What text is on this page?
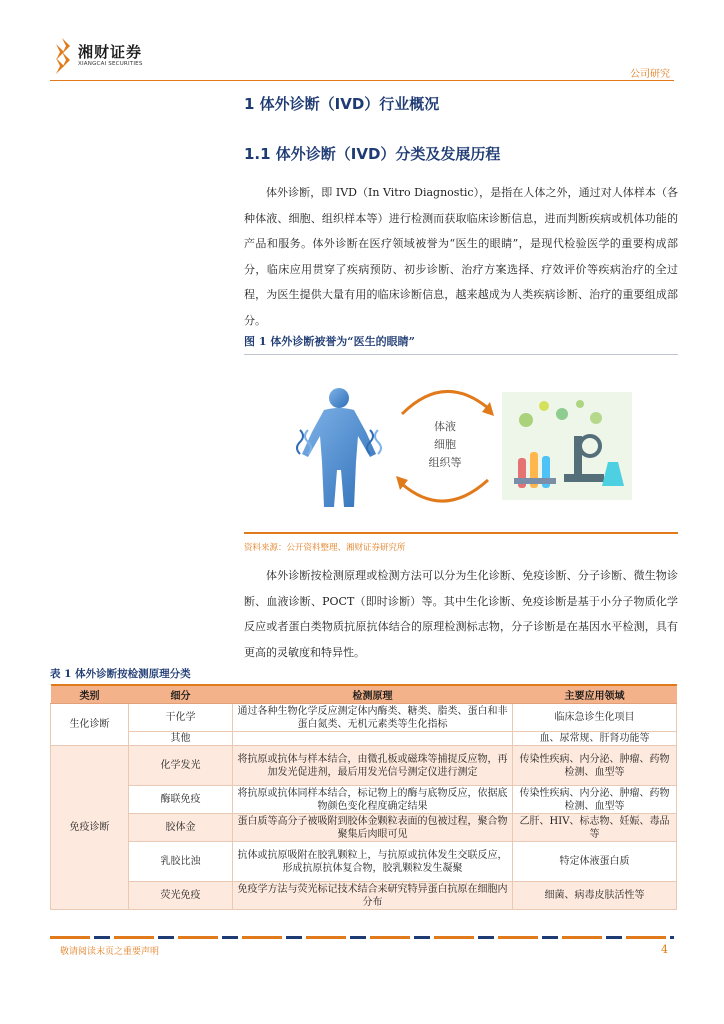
湘财证券
XIANGCAI SECURITIES
公司研究
1 体外诊断（IVD）行业概况
1.1 体外诊断（IVD）分类及发展历程
体外诊断，即 IVD（In Vitro Diagnostic），是指在人体之外，通过对人体样本（各种体液、细胞、组织样本等）进行检测而获取临床诊断信息，进而判断疾病或机体功能的产品和服务。体外诊断在医疗领域被誉为“医生的眼睛”，是现代检验医学的重要构成部分，临床应用贯穿了疾病预防、初步诊断、治疗方案选择、疗效评价等疾病治疗的全过程，为医生提供大量有用的临床诊断信息，越来越成为人类疾病诊断、治疗的重要组成部分。
图 1 体外诊断被誉为“医生的眼睛”
体液
细胞
组织等
资料来源：公开资料整理、湘财证券研究所
体外诊断按检测原理或检测方法可以分为生化诊断、免疫诊断、分子诊断、微生物诊断、血液诊断、POCT（即时诊断）等。其中生化诊断、免疫诊断是基于小分子物质化学反应或者蛋白类物质抗原抗体结合的原理检测标志物，分子诊断是在基因水平检测，具有更高的灵敏度和特异性。
表 1 体外诊断按检测原理分类
类别	细分	检测原理	主要应用领域
生化诊断	干化学	通过各种生物化学反应测定体内酶类、糖类、脂类、蛋白和非蛋白氮类、无机元素类等生化指标	临床急诊生化项目
	其他		血、尿常规、肝肾功能等
免疫诊断	化学发光	将抗原或抗体与样本结合，由微孔板或磁珠等捕捉反应物，再加发光促进剂，最后用发光信号测定仪进行测定	传染性疾病、内分泌、肿瘤、药物检测、血型等
	酶联免疫	将抗原或抗体同样本结合，标记物上的酶与底物反应，依据底物颜色变化程度确定结果	传染性疾病、内分泌、肿瘤、药物检测、血型等
	胶体金	蛋白质等高分子被吸附到胶体金颗粒表面的包被过程，聚合物聚集后肉眼可见	乙肝、HIV、标志物、妊娠、毒品等
	乳胶比浊	抗体或抗原吸附在胶乳颗粒上，与抗原或抗体发生交联反应，形成抗原抗体复合物，胶乳颗粒发生凝聚	特定体液蛋白质
	荧光免疫	免疫学方法与荧光标记技术结合来研究特异蛋白抗原在细胞内分布	细菌、病毒皮肤活性等
敬请阅读末页之重要声明	4
